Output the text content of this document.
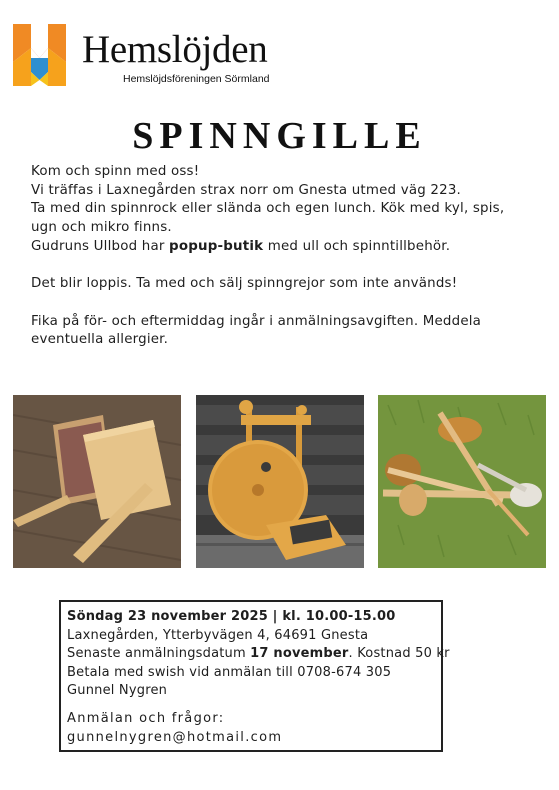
Hemslöjden
Hemslöjdsföreningen Sörmland
SPINNGILLE
Kom och spinn med oss!
Vi träffas i Laxnegården strax norr om Gnesta utmed väg 223.
Ta med din spinnrock eller slända och egen lunch. Kök med kyl, spis,
ugn och mikro finns.
Gudruns Ullbod har popup-butik med ull och spinntillbehör.
Det blir loppis. Ta med och sälj spinngrejor som inte används!
Fika på för- och eftermiddag ingår i anmälningsavgiften. Meddela
eventuella allergier.
Söndag 23 november 2025 | kl. 10.00-15.00
Laxnegården, Ytterbyvägen 4, 64691 Gnesta
Senaste anmälningsdatum 17 november. Kostnad 50 kr
Betala med swish vid anmälan till 0708-674 305
Gunnel Nygren
Anmälan och frågor:
gunnelnygren@hotmail.com
